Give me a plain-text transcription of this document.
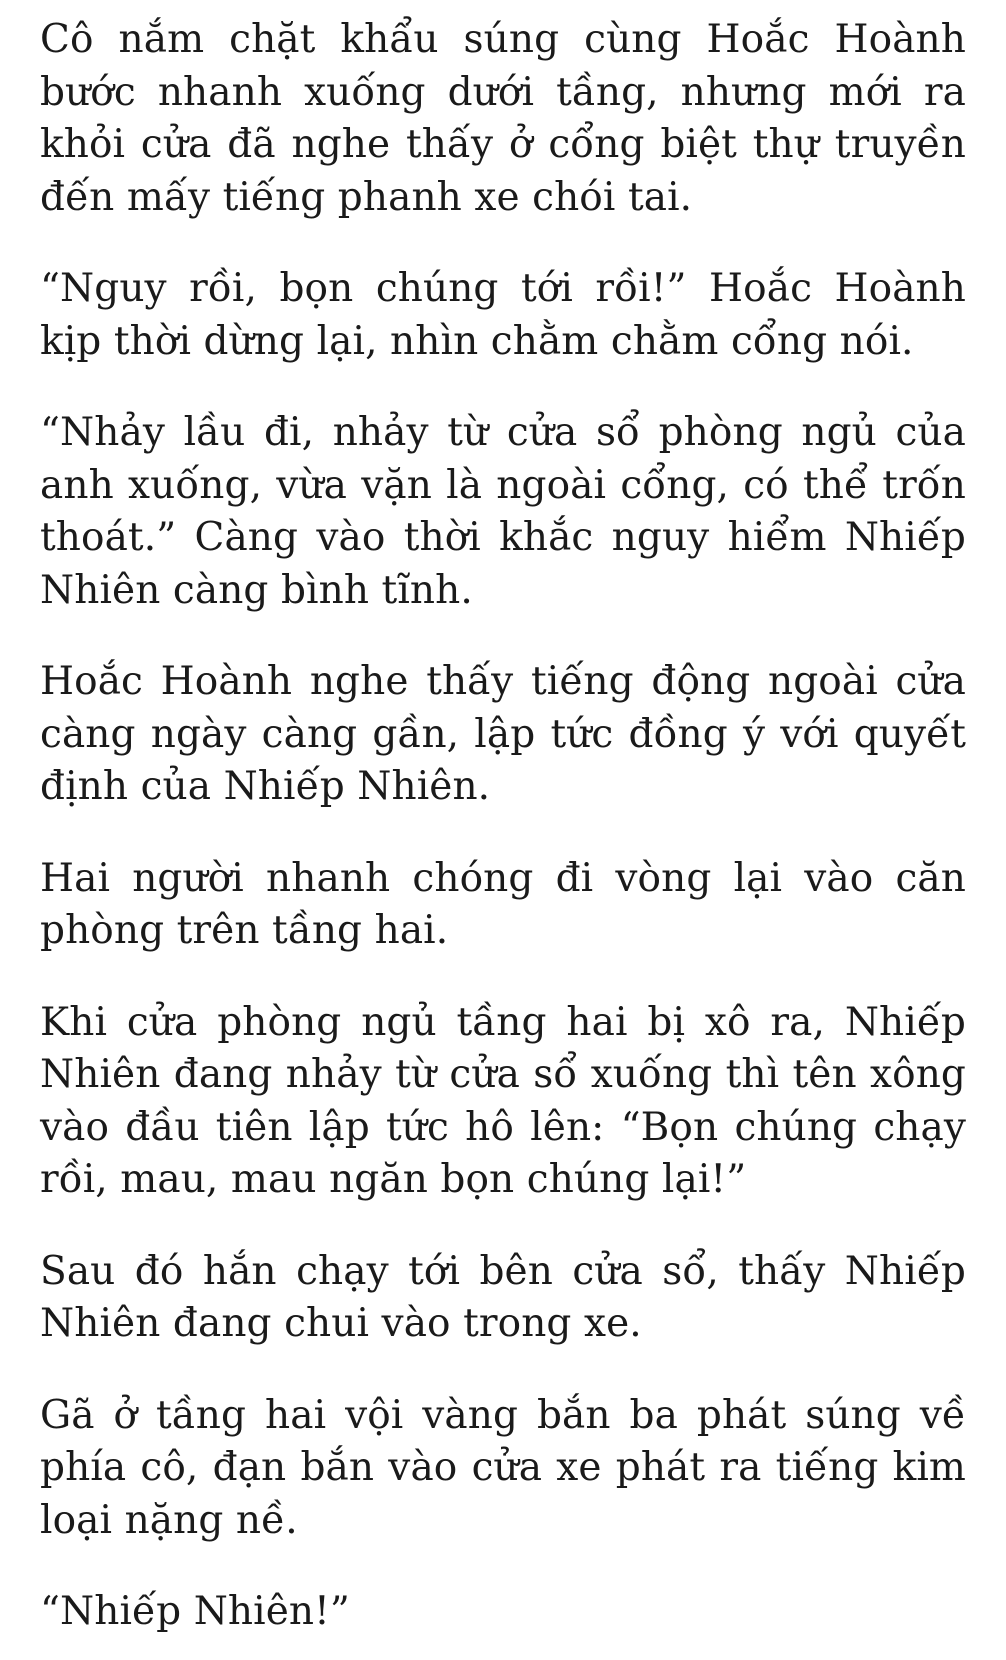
Cô nắm chặt khẩu súng cùng Hoắc Hoành bước nhanh xuống dưới tầng, nhưng mới ra khỏi cửa đã nghe thấy ở cổng biệt thự truyền đến mấy tiếng phanh xe chói tai.

“Nguy rồi, bọn chúng tới rồi!” Hoắc Hoành kịp thời dừng lại, nhìn chằm chằm cổng nói.

“Nhảy lầu đi, nhảy từ cửa sổ phòng ngủ của anh xuống, vừa vặn là ngoài cổng, có thể trốn thoát.” Càng vào thời khắc nguy hiểm Nhiếp Nhiên càng bình tĩnh.

Hoắc Hoành nghe thấy tiếng động ngoài cửa càng ngày càng gần, lập tức đồng ý với quyết định của Nhiếp Nhiên.

Hai người nhanh chóng đi vòng lại vào căn phòng trên tầng hai.

Khi cửa phòng ngủ tầng hai bị xô ra, Nhiếp Nhiên đang nhảy từ cửa sổ xuống thì tên xông vào đầu tiên lập tức hô lên: “Bọn chúng chạy rồi, mau, mau ngăn bọn chúng lại!”

Sau đó hắn chạy tới bên cửa sổ, thấy Nhiếp Nhiên đang chui vào trong xe.

Gã ở tầng hai vội vàng bắn ba phát súng về phía cô, đạn bắn vào cửa xe phát ra tiếng kim loại nặng nề.

“Nhiếp Nhiên!”
